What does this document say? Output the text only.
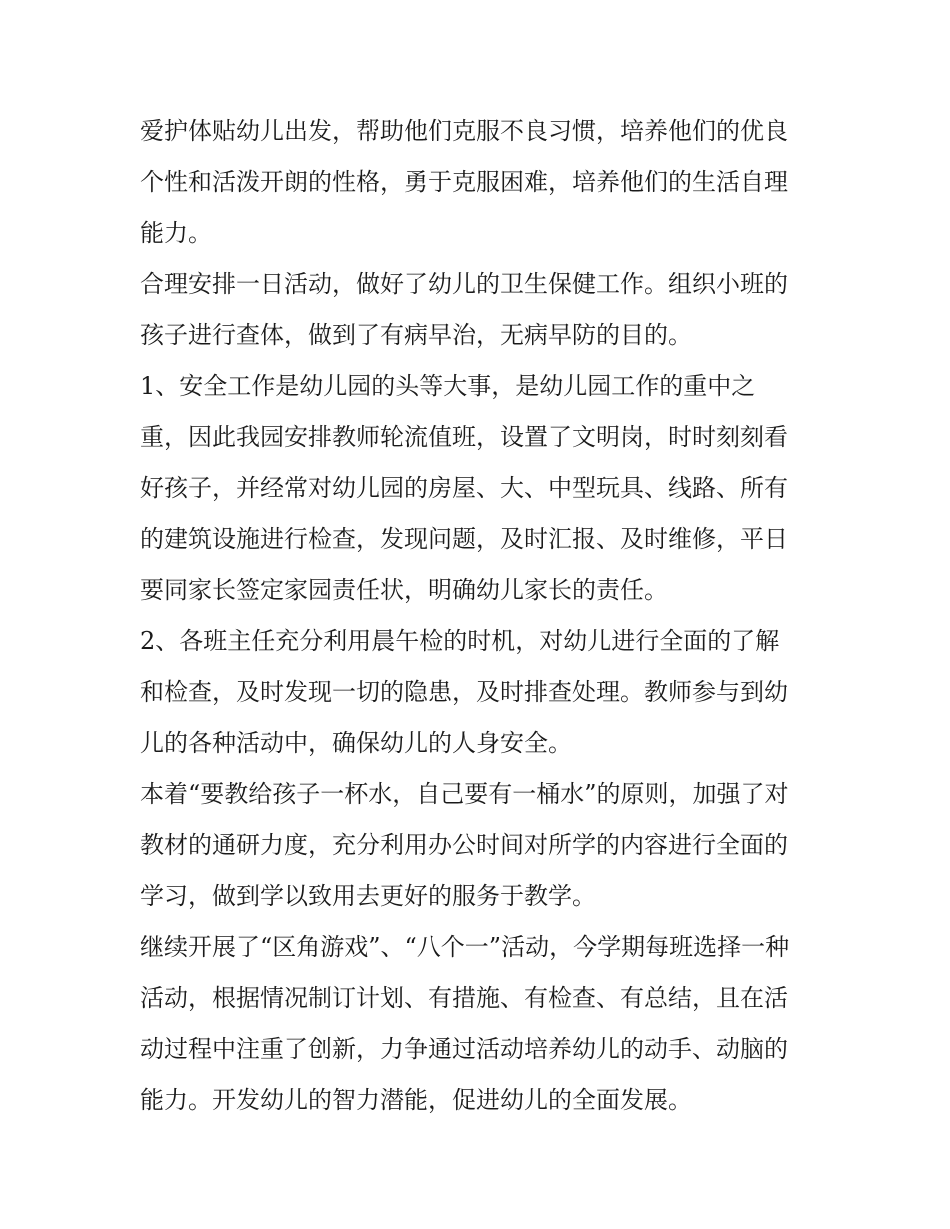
爱护体贴幼儿出发，帮助他们克服不良习惯，培养他们的优良
个性和活泼开朗的性格，勇于克服困难，培养他们的生活自理
能力。
合理安排一日活动，做好了幼儿的卫生保健工作。组织小班的
孩子进行查体，做到了有病早治，无病早防的目的。
1、安全工作是幼儿园的头等大事，是幼儿园工作的重中之
重，因此我园安排教师轮流值班，设置了文明岗，时时刻刻看
好孩子，并经常对幼儿园的房屋、大、中型玩具、线路、所有
的建筑设施进行检查，发现问题，及时汇报、及时维修，平日
要同家长签定家园责任状，明确幼儿家长的责任。
2、各班主任充分利用晨午检的时机，对幼儿进行全面的了解
和检查，及时发现一切的隐患，及时排查处理。教师参与到幼
儿的各种活动中，确保幼儿的人身安全。
本着“要教给孩子一杯水，自己要有一桶水”的原则，加强了对
教材的通研力度，充分利用办公时间对所学的内容进行全面的
学习，做到学以致用去更好的服务于教学。
继续开展了“区角游戏”、“八个一”活动，今学期每班选择一种
活动，根据情况制订计划、有措施、有检查、有总结，且在活
动过程中注重了创新，力争通过活动培养幼儿的动手、动脑的
能力。开发幼儿的智力潜能，促进幼儿的全面发展。
